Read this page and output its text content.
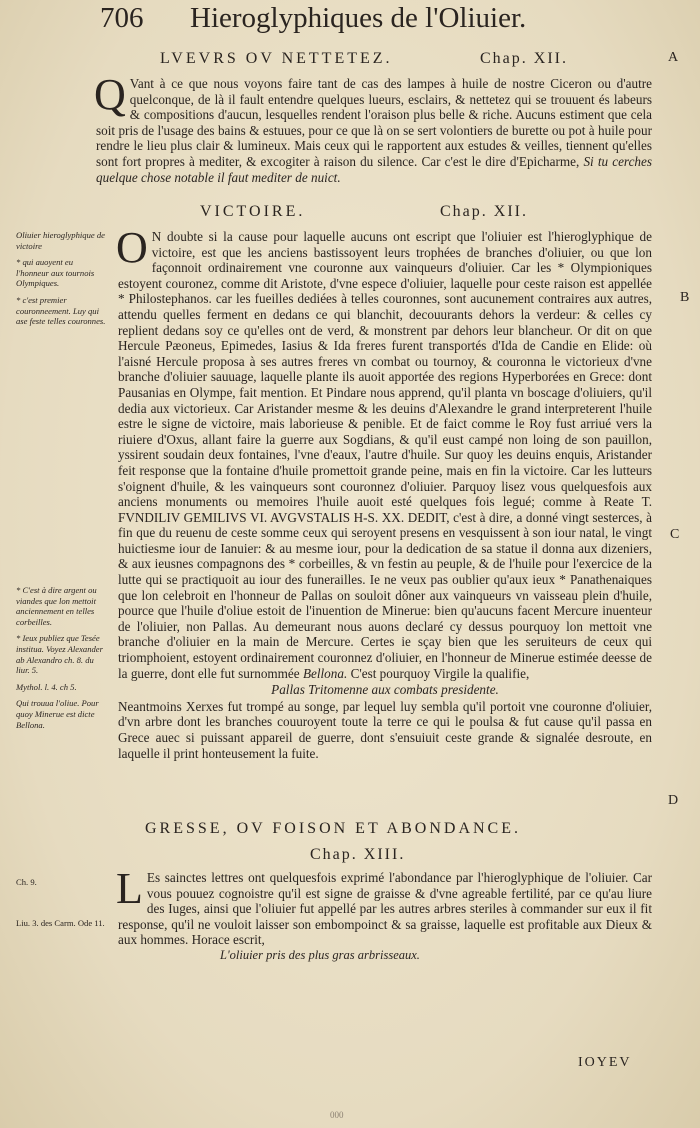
706 Hieroglyphiques de l'Oliuier.
A
B
C
D
LVEVRS OV NETTETEZ.	Chap. XII.

Q Vant à ce que nous voyons faire tant de cas des lampes à huile de nostre Ciceron ou d'autre quelconque, de là il fault entendre quelques lueurs, esclairs, & nettetez qui se trouuent és labeurs & compositions d'aucun, lesquelles rendent l'oraison plus belle & riche. Aucuns estiment que cela soit pris de l'usage des bains & estuues, pour ce que là on se sert volontiers de burette ou pot à huile pour rendre le lieu plus clair & lumineux. Mais ceux qui le rapportent aux estudes & veilles, tiennent qu'elles sont fort propres à mediter, & excogiter à raison du silence. Car c'est le dire d'Epicharme, Si tu cerches quelque chose notable il faut mediter de nuict.

VICTOIRE.	Chap. XII.

Oliuier hieroglyphique de victoire

* qui auoyent eu l'honneur aux tournois Olympiques.

* c'est premier couronneement. Luy qui ase feste telles couronnes.

* C'est à dire argent ou viandes que lon mettoit anciennement en telles corbeilles.

* Ieux publiez que Tesée institua. Voyez Alexander ab Alexandro ch. 8. du liur. 5.

Mythol. l. 4. ch 5.

Qui trouua l'oliue. Pour quoy Minerue est dicte Bellona.

O N doubte si la cause pour laquelle aucuns ont escript que l'oliuier est l'hieroglyphique de victoire, est que les anciens bastissoyent leurs trophées de branches d'oliuier, ou que lon façonnoit ordinairement vne couronne aux vainqueurs d'oliuier. Car les * Olympioniques estoyent couronez, comme dit Aristote, d'vne espece d'oliuier, laquelle pour ceste raison est appellée * Philostephanos. car les fueilles dediées à telles couronnes, sont aucunement contraires aux autres, attendu quelles ferment en dedans ce qui blanchit, decouurants dehors la verdeur: & celles cy replient dedans soy ce qu'elles ont de verd, & monstrent par dehors leur blancheur. Or dit on que Hercule Pæoneus, Epimedes, Iasius & Ida freres furent transportés d'Ida de Candie en Elide: où l'aisné Hercule proposa à ses autres freres vn combat ou tournoy, & couronna le victorieux d'vne branche d'oliuier sauuage, laquelle plante ils auoit apportée des regions Hyperborées en Grece: dont Pausanias en Olympe, fait mention. Et Pindare nous apprend, qu'il planta vn boscage d'oliuiers, qu'il dedia aux victorieux. Car Aristander mesme & les deuins d'Alexandre le grand interpreterent l'huile estre le signe de victoire, mais laborieuse & penible. Et de faict comme le Roy fust arriué vers la riuiere d'Oxus, allant faire la guerre aux Sogdians, & qu'il eust campé non loing de son pauillon, yssirent soudain deux fontaines, l'vne d'eaux, l'autre d'huile. Sur quoy les deuins enquis, Aristander feit response que la fontaine d'huile promettoit grande peine, mais en fin la victoire. Car les lutteurs s'oignent d'huile, & les vainqueurs sont couronnez d'oliuier. Parquoy lisez vous quelquesfois aux anciens monuments ou memoires l'huile auoit esté quelques fois legué; comme à Reate T. FVNDILIV GEMILIVS VI. AVGVSTALIS H-S. XX. DEDIT, c'est à dire, a donné vingt sesterces, à fin que du reuenu de ceste somme ceux qui seroyent presens en vesquissent à son iour natal, le vingt huictiesme iour de Ianuier: & au mesme iour, pour la dedication de sa statue il donna aux dizeniers, & aux ieusnes compagnons des * corbeilles, & vn festin au peuple, & de l'huile pour l'exercice de la lutte qui se practiquoit au iour des funerailles. Ie ne veux pas oublier qu'aux ieux * Panathenaiques que lon celebroit en l'honneur de Pallas on souloit dôner aux vainqueurs vn vaisseau plein d'huile, pource que l'huile d'oliue estoit de l'inuention de Minerue: bien qu'aucuns facent Mercure inuenteur de l'oliuier, non Pallas. Au demeurant nous auons declaré cy dessus pourquoy lon mettoit vne branche d'oliuier en la main de Mercure. Certes ie sçay bien que les seruiteurs de ceux qui triomphoient, estoyent ordinairement couronnez d'oliuier, en l'honneur de Minerue estimée deesse de la guerre, dont elle fut surnommée Bellona. C'est pourquoy Virgile la qualifie,

Pallas Tritomenne aux combats presidente.

Neantmoins Xerxes fut trompé au songe, par lequel luy sembla qu'il portoit vne couronne d'oliuier, d'vn arbre dont les branches couuroyent toute la terre ce qui le poulsa & fut cause qu'il passa en Grece auec si puissant appareil de guerre, dont s'ensuiuit ceste grande & signalée desroute, en laquelle il print honteusement la fuite.

GRESSE, OV FOISON ET ABONDANCE.
Chap. XIII.

Ch. 9.

Liu. 3. des Carm. Ode 11.

L Es sainctes lettres ont quelquesfois exprimé l'abondance par l'hieroglyphique de l'oliuier. Car vous pouuez cognoistre qu'il est signe de graisse & d'vne agreable fertilité, par ce qu'au liure des Iuges, ainsi que l'oliuier fut appellé par les autres arbres steriles à commander sur eux il fit response, qu'il ne vouloit laisser son embompoinct & sa graisse, laquelle est profitable aux Dieux & aux hommes. Horace escrit,

L'oliuier pris des plus gras arbrisseaux.
IOYEV
000
